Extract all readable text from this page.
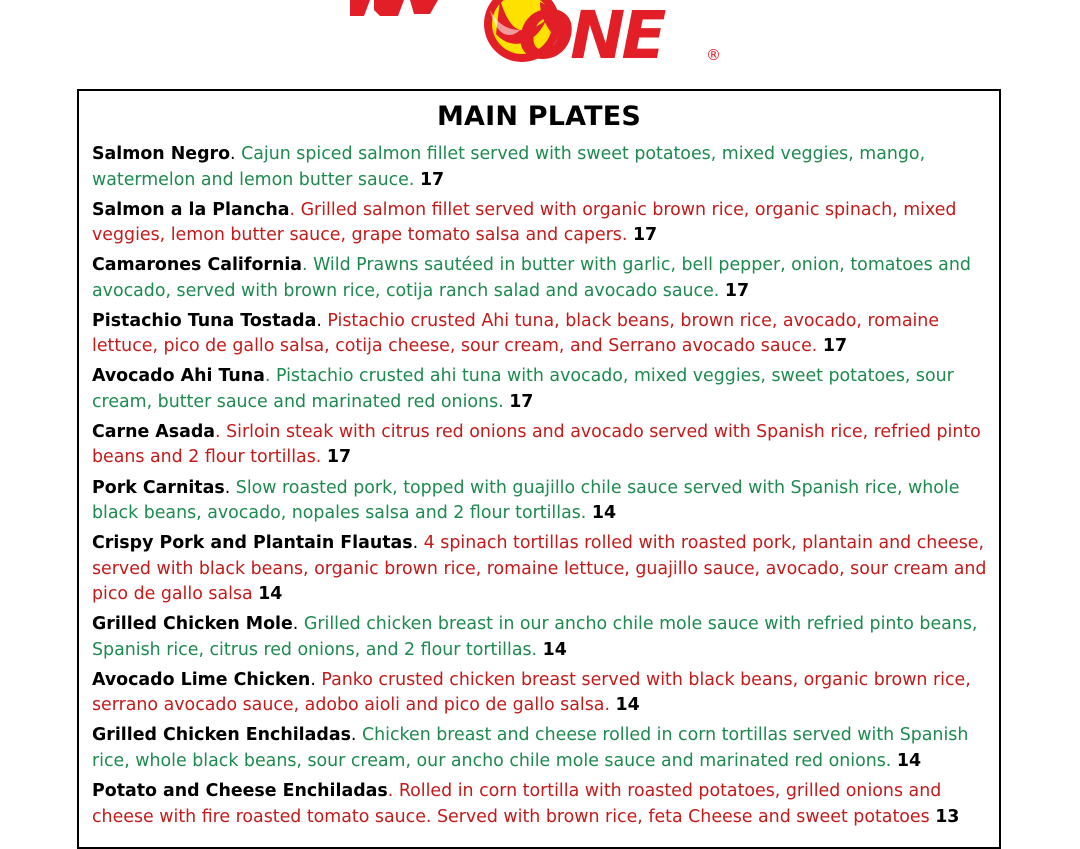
ONE	®
MAIN PLATES
Salmon Negro. Cajun spiced salmon fillet served with sweet potatoes, mixed veggies, mango, watermelon and lemon butter sauce. 17
Salmon a la Plancha. Grilled salmon fillet served with organic brown rice, organic spinach, mixed veggies, lemon butter sauce, grape tomato salsa and capers. 17
Camarones California. Wild Prawns sautéed in butter with garlic, bell pepper, onion, tomatoes and avocado, served with brown rice, cotija ranch salad and avocado sauce. 17
Pistachio Tuna Tostada. Pistachio crusted Ahi tuna, black beans, brown rice, avocado, romaine lettuce, pico de gallo salsa, cotija cheese, sour cream, and Serrano avocado sauce. 17
Avocado Ahi Tuna. Pistachio crusted ahi tuna with avocado, mixed veggies, sweet potatoes, sour cream, butter sauce and marinated red onions. 17
Carne Asada. Sirloin steak with citrus red onions and avocado served with Spanish rice, refried pinto beans and 2 flour tortillas. 17
Pork Carnitas. Slow roasted pork, topped with guajillo chile sauce served with Spanish rice, whole black beans, avocado, nopales salsa and 2 flour tortillas. 14
Crispy Pork and Plantain Flautas. 4 spinach tortillas rolled with roasted pork, plantain and cheese, served with black beans, organic brown rice, romaine lettuce, guajillo sauce, avocado, sour cream and pico de gallo salsa 14
Grilled Chicken Mole. Grilled chicken breast in our ancho chile mole sauce with refried pinto beans, Spanish rice, citrus red onions, and 2 flour tortillas. 14
Avocado Lime Chicken. Panko crusted chicken breast served with black beans, organic brown rice, serrano avocado sauce, adobo aioli and pico de gallo salsa. 14
Grilled Chicken Enchiladas. Chicken breast and cheese rolled in corn tortillas served with Spanish rice, whole black beans, sour cream, our ancho chile mole sauce and marinated red onions. 14
Potato and Cheese Enchiladas. Rolled in corn tortilla with roasted potatoes, grilled onions and cheese with fire roasted tomato sauce. Served with brown rice, feta Cheese and sweet potatoes 13
